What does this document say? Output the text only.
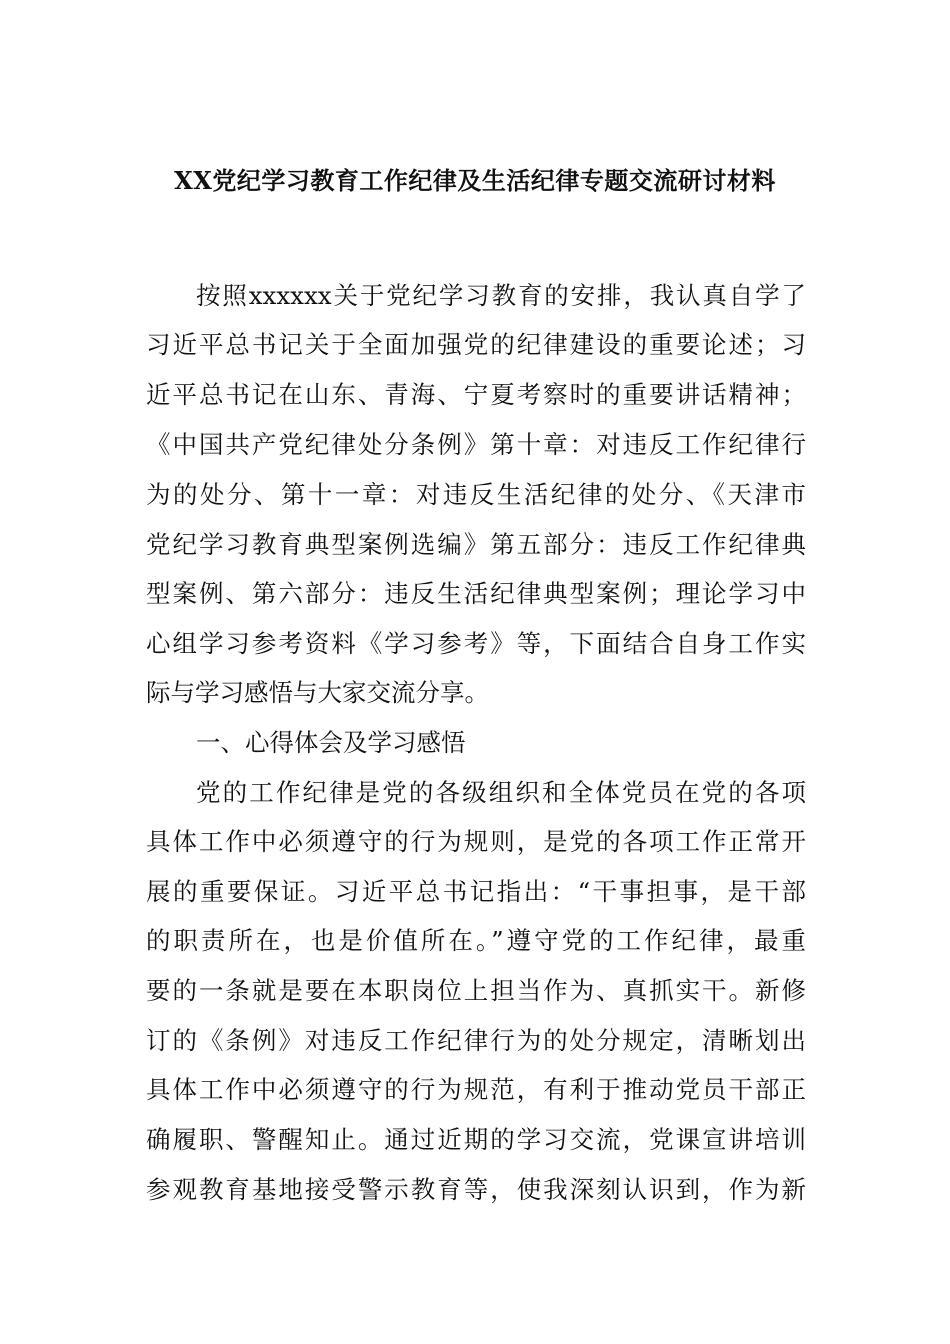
XX党纪学习教育工作纪律及生活纪律专题交流研讨材料
按照xxxxxx关于党纪学习教育的安排，我认真自学了
习近平总书记关于全面加强党的纪律建设的重要论述；习
近平总书记在山东、青海、宁夏考察时的重要讲话精神；
《中国共产党纪律处分条例》第十章：对违反工作纪律行
为的处分、第十一章：对违反生活纪律的处分、《天津市
党纪学习教育典型案例选编》第五部分：违反工作纪律典
型案例、第六部分：违反生活纪律典型案例；理论学习中
心组学习参考资料《学习参考》等，下面结合自身工作实
际与学习感悟与大家交流分享。
一、心得体会及学习感悟
党的工作纪律是党的各级组织和全体党员在党的各项
具体工作中必须遵守的行为规则，是党的各项工作正常开
展的重要保证。习近平总书记指出：“干事担事，是干部
的职责所在，也是价值所在。”遵守党的工作纪律，最重
要的一条就是要在本职岗位上担当作为、真抓实干。新修
订的《条例》对违反工作纪律行为的处分规定，清晰划出
具体工作中必须遵守的行为规范，有利于推动党员干部正
确履职、警醒知止。通过近期的学习交流，党课宣讲培训
参观教育基地接受警示教育等，使我深刻认识到，作为新
